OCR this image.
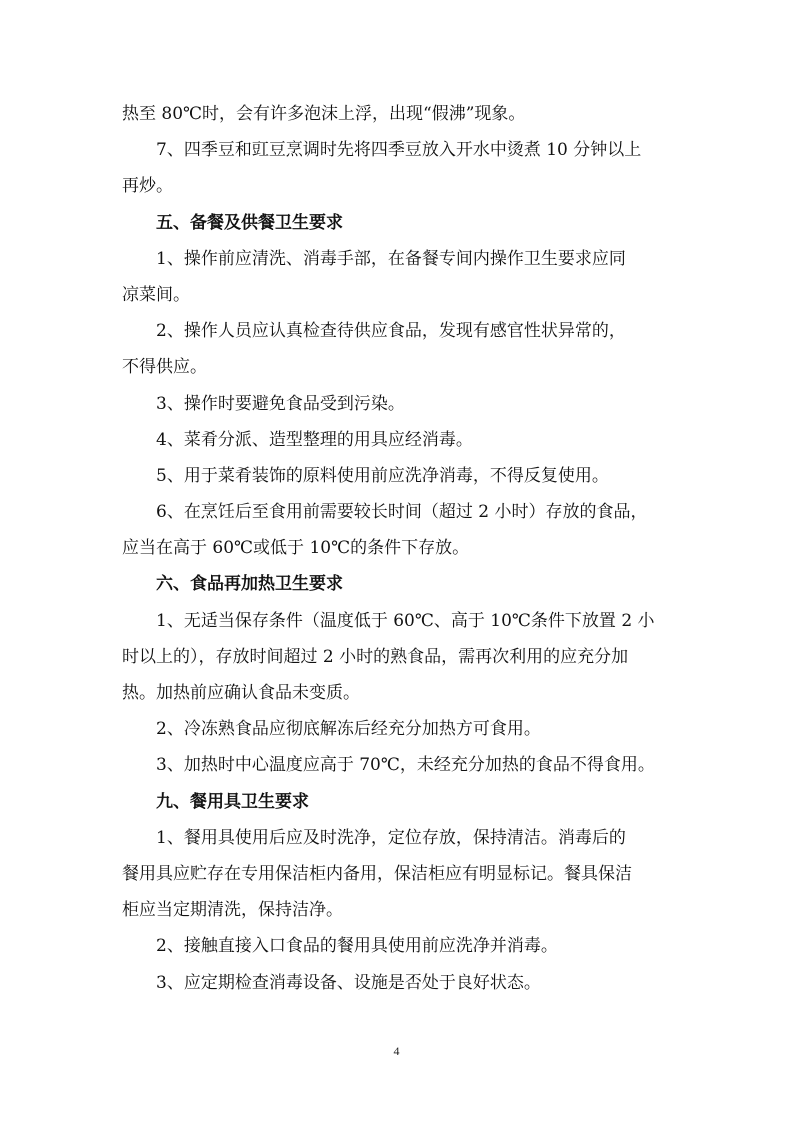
热至 80℃时，会有许多泡沫上浮，出现“假沸”现象。
7、四季豆和豇豆烹调时先将四季豆放入开水中烫煮 10 分钟以上
再炒。
五、备餐及供餐卫生要求
1、操作前应清洗、消毒手部，在备餐专间内操作卫生要求应同
凉菜间。
2、操作人员应认真检查待供应食品，发现有感官性状异常的，
不得供应。
3、操作时要避免食品受到污染。
4、菜肴分派、造型整理的用具应经消毒。
5、用于菜肴装饰的原料使用前应洗净消毒，不得反复使用。
6、在烹饪后至食用前需要较长时间（超过 2 小时）存放的食品，
应当在高于 60℃或低于 10℃的条件下存放。
六、食品再加热卫生要求
1、无适当保存条件（温度低于 60℃、高于 10℃条件下放置 2 小
时以上的），存放时间超过 2 小时的熟食品，需再次利用的应充分加
热。加热前应确认食品未变质。
2、冷冻熟食品应彻底解冻后经充分加热方可食用。
3、加热时中心温度应高于 70℃，未经充分加热的食品不得食用。
九、餐用具卫生要求
1、餐用具使用后应及时洗净，定位存放，保持清洁。消毒后的
餐用具应贮存在专用保洁柜内备用，保洁柜应有明显标记。餐具保洁
柜应当定期清洗，保持洁净。
2、接触直接入口食品的餐用具使用前应洗净并消毒。
3、应定期检查消毒设备、设施是否处于良好状态。
4
